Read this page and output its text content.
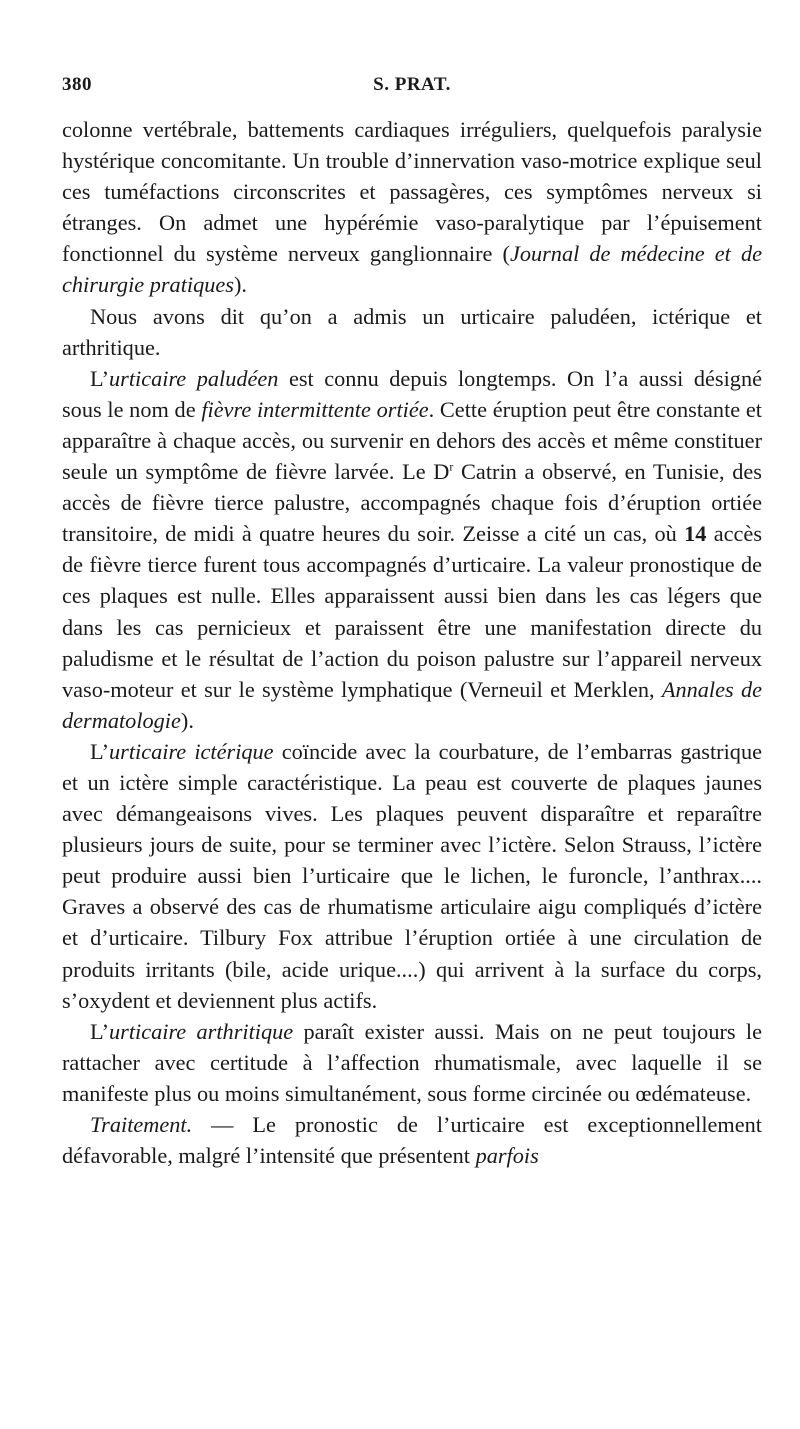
380	S. PRAT.

colonne vertébrale, battements cardiaques irréguliers, quelquefois paralysie hystérique concomitante. Un trouble d’innervation vaso-motrice explique seul ces tuméfactions circonscrites et passagères, ces symptômes nerveux si étranges. On admet une hypérémie vaso-paralytique par l’épuisement fonctionnel du système nerveux ganglionnaire (Journal de médecine et de chirurgie pratiques).

Nous avons dit qu’on a admis un urticaire paludéen, ictérique et arthritique.

L’urticaire paludéen est connu depuis longtemps. On l’a aussi désigné sous le nom de fièvre intermittente ortiée. Cette éruption peut être constante et apparaître à chaque accès, ou survenir en dehors des accès et même constituer seule un symptôme de fièvre larvée. Le $D^r$ Catrin a observé, en Tunisie, des accès de fièvre tierce palustre, accompagnés chaque fois d’éruption ortiée transitoire, de midi à quatre heures du soir. Zeisse a cité un cas, où 14 accès de fièvre tierce furent tous accompagnés d’urticaire. La valeur pronostique de ces plaques est nulle. Elles apparaissent aussi bien dans les cas légers que dans les cas pernicieux et paraissent être une manifestation directe du paludisme et le résultat de l’action du poison palustre sur l’appareil nerveux vaso-moteur et sur le système lymphatique (Verneuil et Merklen, Annales de dermatologie).

L’urticaire ictérique coïncide avec la courbature, de l’embarras gastrique et un ictère simple caractéristique. La peau est couverte de plaques jaunes avec démangeaisons vives. Les plaques peuvent disparaître et reparaître plusieurs jours de suite, pour se terminer avec l’ictère. Selon Strauss, l’ictère peut produire aussi bien l’urticaire que le lichen, le furoncle, l’anthrax.... Graves a observé des cas de rhumatisme articulaire aigu compliqués d’ictère et d’urticaire. Tilbury Fox attribue l’éruption ortiée à une circulation de produits irritants (bile, acide urique....) qui arrivent à la surface du corps, s’oxydent et deviennent plus actifs.

L’urticaire arthritique paraît exister aussi. Mais on ne peut toujours le rattacher avec certitude à l’affection rhumatismale, avec laquelle il se manifeste plus ou moins simultanément, sous forme circinée ou œdémateuse.

Traitement. — Le pronostic de l’urticaire est exceptionnellement défavorable, malgré l’intensité que présentent parfois
